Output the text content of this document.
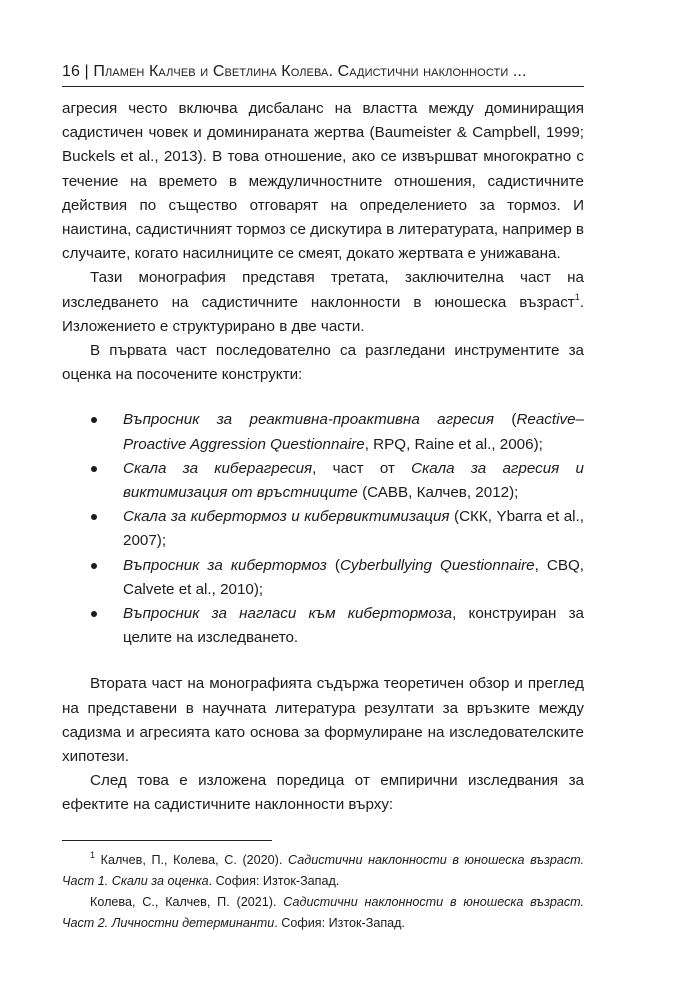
16 | Пламен Калчев и Светлина Колева. Садистични наклонности ...

агресия често включва дисбаланс на властта между доминиращия садистичен човек и доминираната жертва (Baumeister & Campbell, 1999; Buckels et al., 2013). В това отношение, ако се извършват многократно с течение на времето в междуличностните отношения, садистичните действия по същество отговарят на определението за тормоз. И наистина, садистичният тормоз се дискутира в литературата, например в случаите, когато насилниците се смеят, докато жертвата е унижавана.

Тази монография представя третата, заключителна част на изследването на садистичните наклонности в юношеска възраст$^1$. Изложението е структурирано в две части.

В първата част последователно са разгледани инструментите за оценка на посочените конструкти:

Въпросник за реактивна-проактивна агресия (Reactive–Proactive Aggression Questionnaire, RPQ, Raine et al., 2006);
Скала за киберагресия, част от Скала за агресия и виктимизация от връстниците (САВВ, Калчев, 2012);
Скала за кибертормоз и кибервиктимизация (СКК, Ybarra et al., 2007);
Въпросник за кибертормоз (Cyberbullying Questionnaire, CBQ, Calvete et al., 2010);
Въпросник за нагласи към кибертормоза, конструиран за целите на изследването.

Втората част на монографията съдържа теоретичен обзор и преглед на представени в научната литература резултати за връзките между садизма и агресията като основа за формулиране на изследователските хипотези.

След това е изложена поредица от емпирични изследвания за ефектите на садистичните наклонности върху:

$^1$ Калчев, П., Колева, С. (2020). Садистични наклонности в юношеска възраст. Част 1. Скали за оценка. София: Изток-Запад.

Колева, С., Калчев, П. (2021). Садистични наклонности в юношеска възраст. Част 2. Личностни детерминанти. София: Изток-Запад.
